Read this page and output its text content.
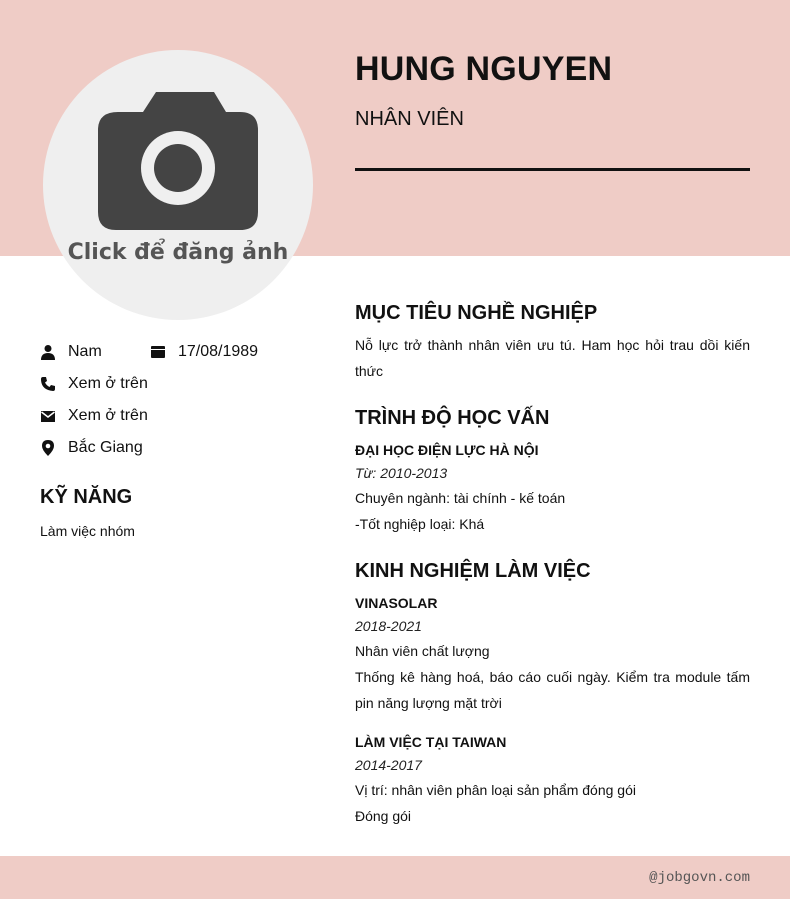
Click để đăng ảnh
HUNG NGUYEN
NHÂN VIÊN
Nam	17/08/1989
Xem ở trên
Xem ở trên
Bắc Giang
KỸ NĂNG
Làm việc nhóm
MỤC TIÊU NGHỀ NGHIỆP
Nỗ lực trở thành nhân viên ưu tú. Ham học hỏi trau dồi kiến thức
TRÌNH ĐỘ HỌC VẤN
ĐẠI HỌC ĐIỆN LỰC HÀ NỘI
Từ: 2010-2013
Chuyên ngành: tài chính - kế toán
-Tốt nghiệp loại: Khá
KINH NGHIỆM LÀM VIỆC
VINASOLAR
2018-2021
Nhân viên chất lượng
Thống kê hàng hoá, báo cáo cuối ngày. Kiểm tra module tấm pin năng lượng mặt trời
LÀM VIỆC TẠI TAIWAN
2014-2017
Vị trí: nhân viên phân loại sản phẩm đóng gói
Đóng gói
@jobgovn.com
